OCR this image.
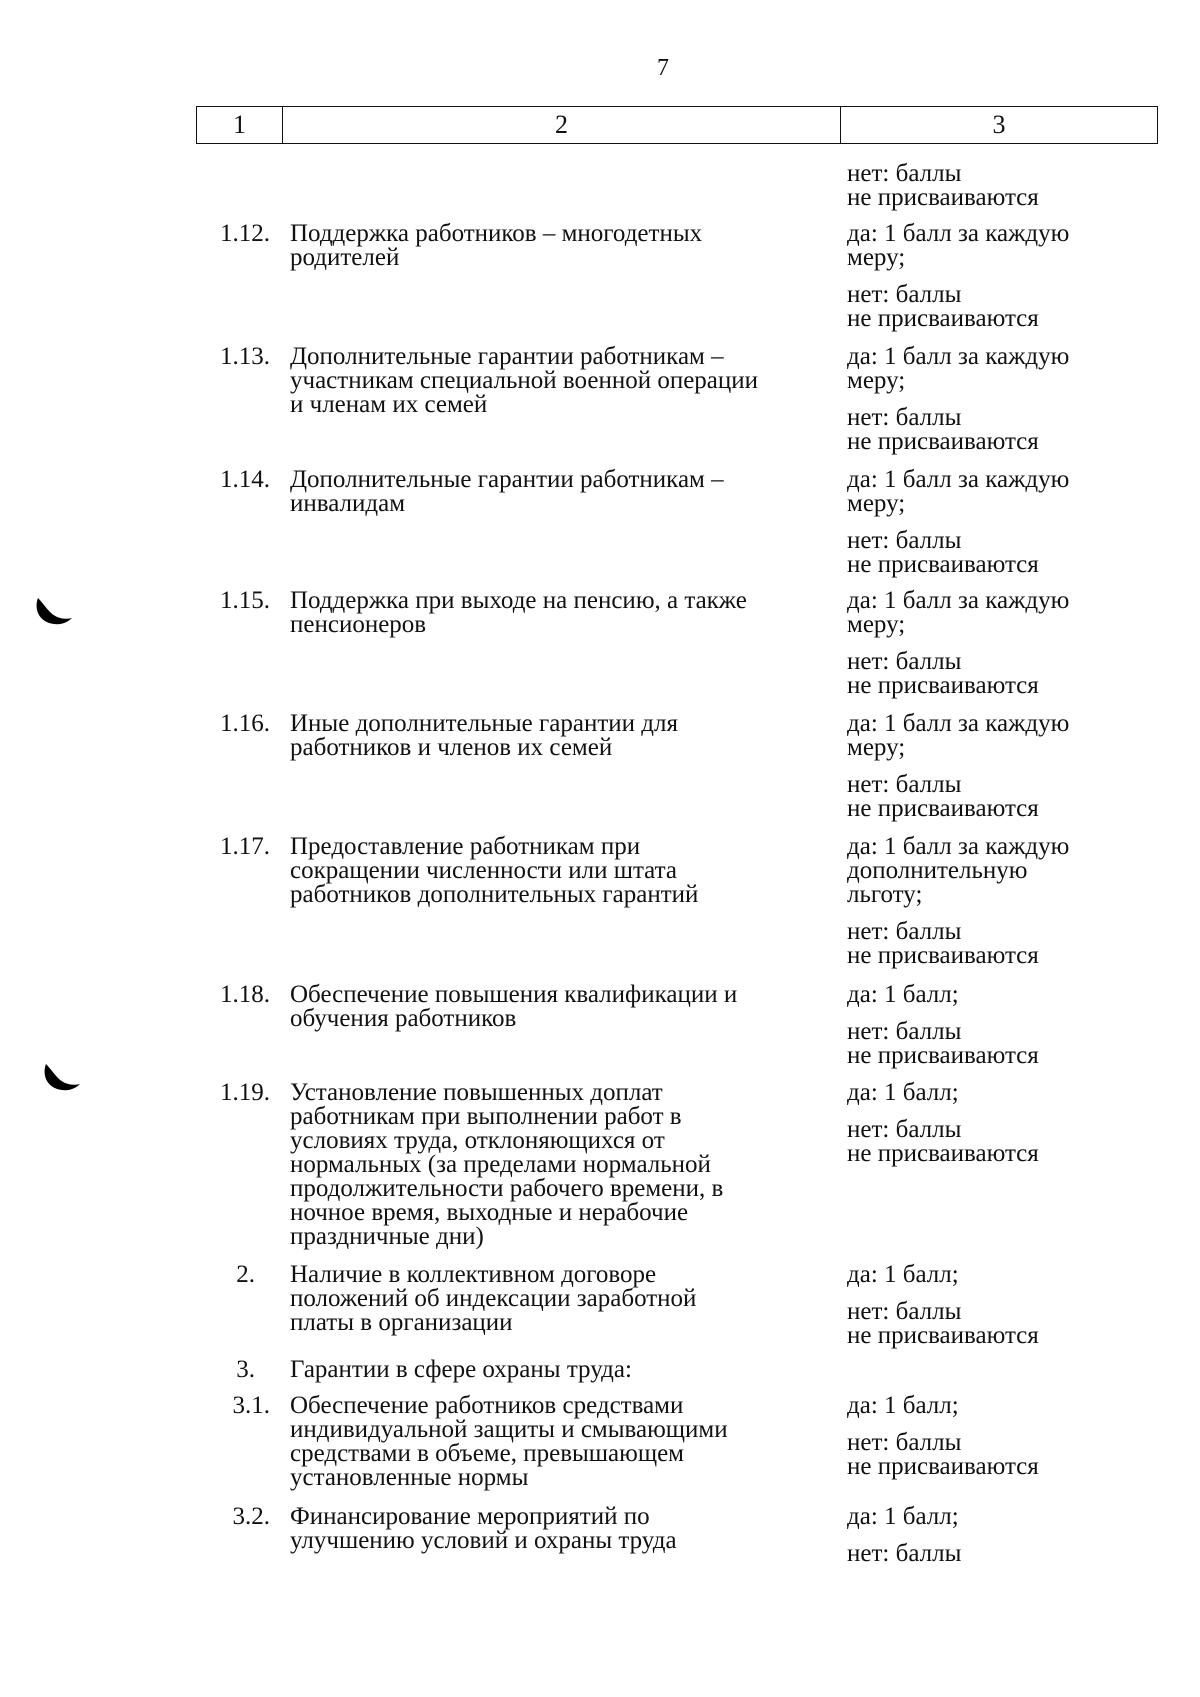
7
1	2	3
нет: баллы
не присваиваются
1.12. Поддержка работников – многодетных
родителей
да: 1 балл за каждую
меру;
нет: баллы
не присваиваются
1.13. Дополнительные гарантии работникам –
участникам специальной военной операции
и членам их семей
да: 1 балл за каждую
меру;
нет: баллы
не присваиваются
1.14. Дополнительные гарантии работникам –
инвалидам
да: 1 балл за каждую
меру;
нет: баллы
не присваиваются
1.15. Поддержка при выходе на пенсию, а также
пенсионеров
да: 1 балл за каждую
меру;
нет: баллы
не присваиваются
1.16. Иные дополнительные гарантии для
работников и членов их семей
да: 1 балл за каждую
меру;
нет: баллы
не присваиваются
1.17. Предоставление работникам при
сокращении численности или штата
работников дополнительных гарантий
да: 1 балл за каждую
дополнительную
льготу;
нет: баллы
не присваиваются
1.18. Обеспечение повышения квалификации и
обучения работников
да: 1 балл;
нет: баллы
не присваиваются
1.19. Установление повышенных доплат
работникам при выполнении работ в
условиях труда, отклоняющихся от
нормальных (за пределами нормальной
продолжительности рабочего времени, в
ночное время, выходные и нерабочие
праздничные дни)
да: 1 балл;
нет: баллы
не присваиваются
2. Наличие в коллективном договоре
положений об индексации заработной
платы в организации
да: 1 балл;
нет: баллы
не присваиваются
3. Гарантии в сфере охраны труда:
3.1. Обеспечение работников средствами
индивидуальной защиты и смывающими
средствами в объеме, превышающем
установленные нормы
да: 1 балл;
нет: баллы
не присваиваются
3.2. Финансирование мероприятий по
улучшению условий и охраны труда
да: 1 балл;
нет: баллы
